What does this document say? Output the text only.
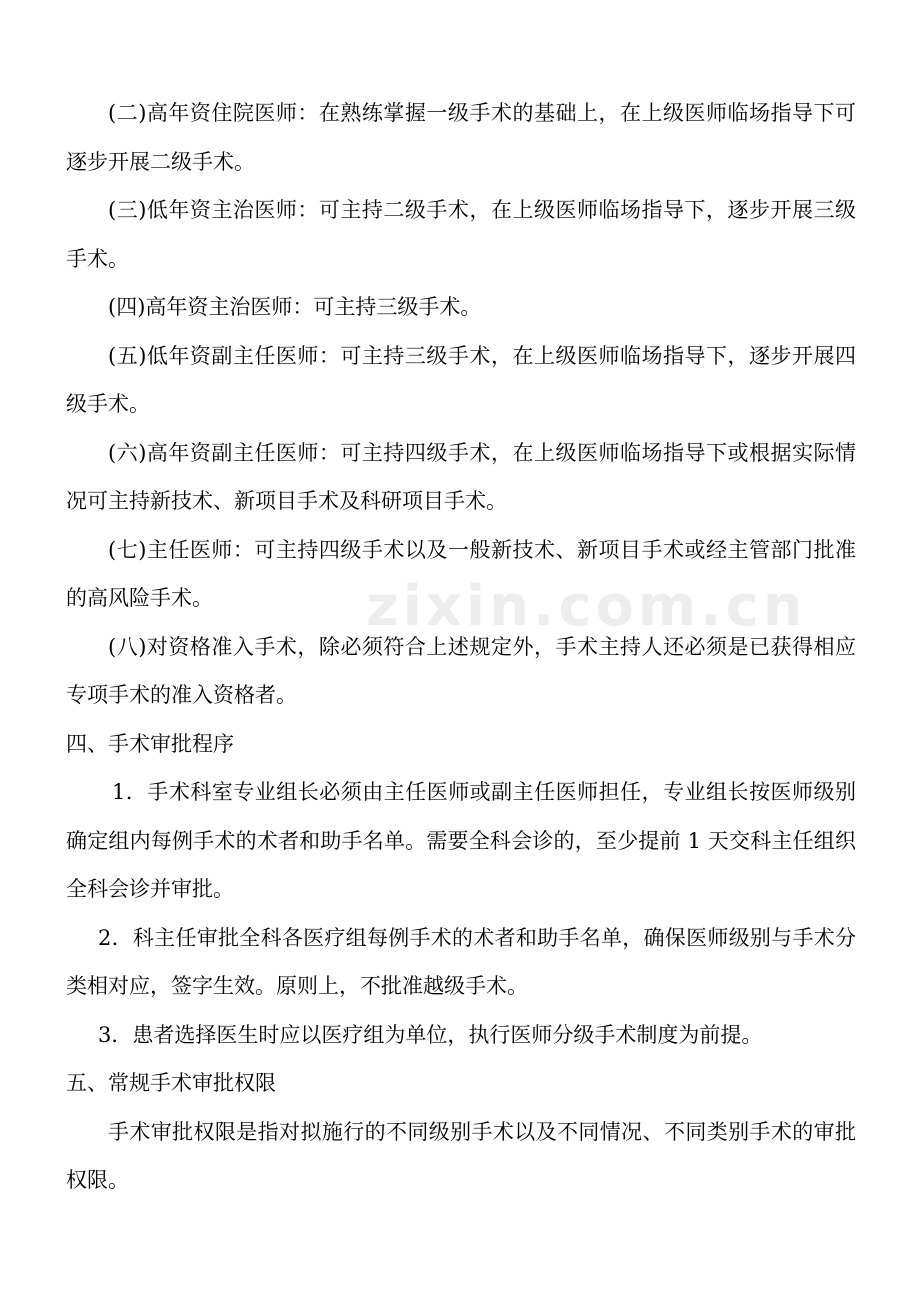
(二)高年资住院医师：在熟练掌握一级手术的基础上，在上级医师临场指导下可逐步开展二级手术。

(三)低年资主治医师：可主持二级手术，在上级医师临场指导下，逐步开展三级手术。

(四)高年资主治医师：可主持三级手术。

(五)低年资副主任医师：可主持三级手术，在上级医师临场指导下，逐步开展四级手术。

(六)高年资副主任医师：可主持四级手术，在上级医师临场指导下或根据实际情况可主持新技术、新项目手术及科研项目手术。

(七)主任医师：可主持四级手术以及一般新技术、新项目手术或经主管部门批准的高风险手术。

(八)对资格准入手术，除必须符合上述规定外，手术主持人还必须是已获得相应专项手术的准入资格者。

四、手术审批程序

1．手术科室专业组长必须由主任医师或副主任医师担任，专业组长按医师级别确定组内每例手术的术者和助手名单。需要全科会诊的，至少提前 1 天交科主任组织全科会诊并审批。

2．科主任审批全科各医疗组每例手术的术者和助手名单，确保医师级别与手术分类相对应，签字生效。原则上，不批准越级手术。

3．患者选择医生时应以医疗组为单位，执行医师分级手术制度为前提。

五、常规手术审批权限

手术审批权限是指对拟施行的不同级别手术以及不同情况、不同类别手术的审批权限。

zixin.com.cn
